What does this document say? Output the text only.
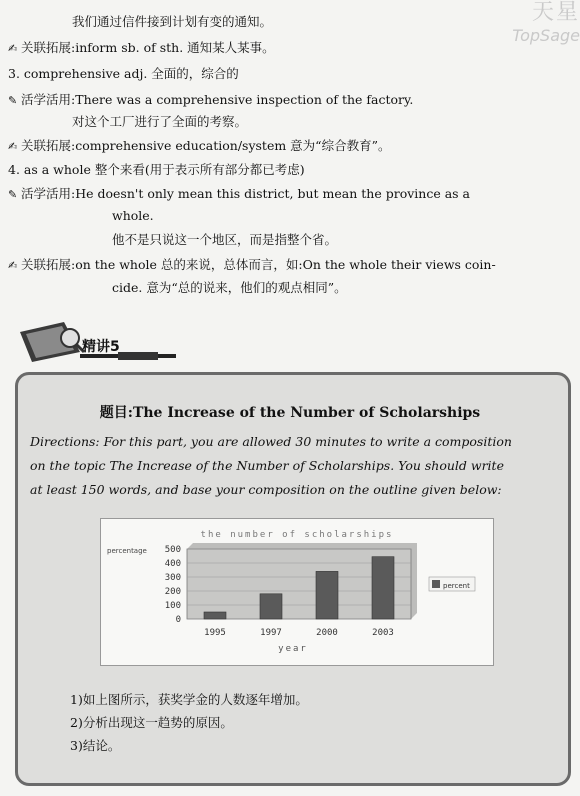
天星
TopSage
我们通过信件接到计划有变的通知。
✍ 关联拓展:inform sb. of sth. 通知某人某事。
3. comprehensive adj. 全面的，综合的
✎ 活学活用:There was a comprehensive inspection of the factory.
对这个工厂进行了全面的考察。
✍ 关联拓展:comprehensive education/system 意为“综合教育”。
4. as a whole 整个来看(用于表示所有部分都已考虑)
✎ 活学活用:He doesn't only mean this district, but mean the province as a
whole.
他不是只说这一个地区，而是指整个省。
✍ 关联拓展:on the whole 总的来说，总体而言，如:On the whole their views coin-
cide. 意为“总的说来，他们的观点相同”。
精讲5
题目:The Increase of the Number of Scholarships
Directions: For this part, you are allowed 30 minutes to write a composition
on the topic The Increase of the Number of Scholarships. You should write
at least 150 words, and base your composition on the outline given below:
the number of scholarships
percentage
0
100
200
300
400
500
1995	1997	2000	2003
year
percent
1)如上图所示，获奖学金的人数逐年增加。
2)分析出现这一趋势的原因。
3)结论。
